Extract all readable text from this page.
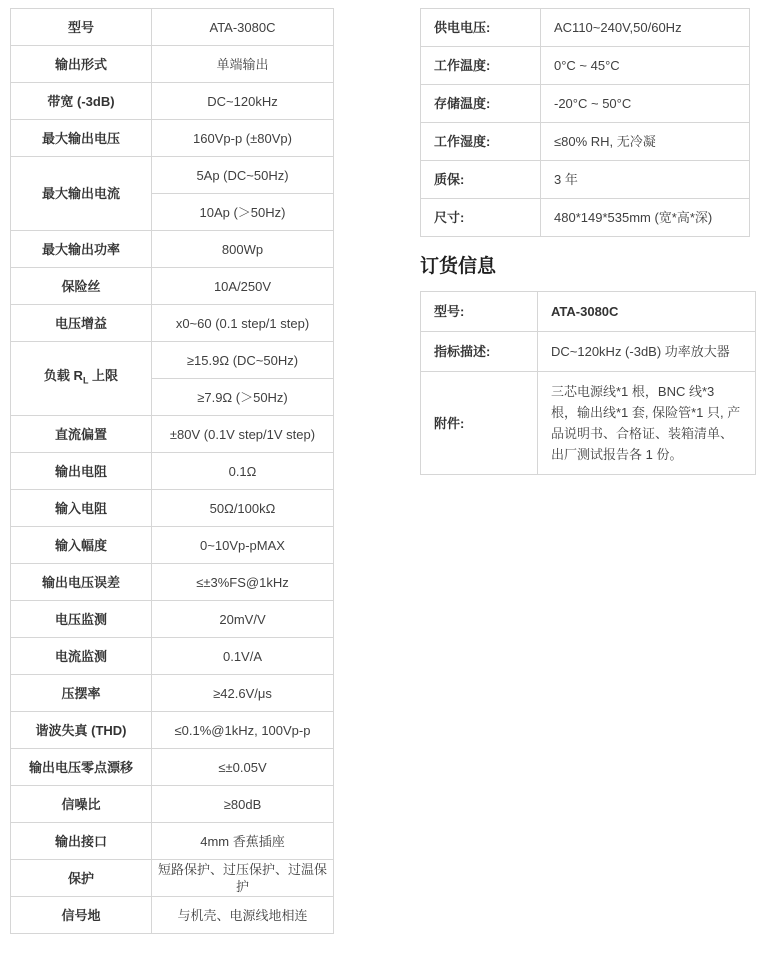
型号	ATA-3080C
输出形式	单端输出
带宽 (-3dB)	DC~120kHz
最大输出电压	160Vp-p (±80Vp)
最大输出电流	5Ap (DC~50Hz)
	10Ap (＞50Hz)
最大输出功率	800Wp
保险丝	10A/250V
电压增益	x0~60 (0.1 step/1 step)
负载 $R_L$ 上限	≥15.9Ω (DC~50Hz)
	≥7.9Ω (＞50Hz)
直流偏置	±80V (0.1V step/1V step)
输出电阻	0.1Ω
输入电阻	50Ω/100kΩ
输入幅度	0~10Vp-pMAX
输出电压误差	≤±3%FS@1kHz
电压监测	20mV/V
电流监测	0.1V/A
压摆率	≥42.6V/μs
谐波失真 (THD)	≤0.1%@1kHz, 100Vp-p
输出电压零点漂移	≤±0.05V
信噪比	≥80dB
输出接口	4mm 香蕉插座
保护	短路保护、过压保护、过温保护
信号地	与机壳、电源线地相连
供电电压:	AC110~240V,50/60Hz
工作温度:	0°C ~ 45°C
存储温度:	-20°C ~ 50°C
工作湿度:	≤80% RH, 无冷凝
质保:	3 年
尺寸:	480*149*535mm (宽*高*深)
订货信息
型号:	ATA-3080C
指标描述:	DC~120kHz (-3dB) 功率放大器
附件:	三芯电源线*1 根，BNC 线*3 根，输出线*1 套, 保险管*1 只, 产品说明书、合格证、装箱清单、出厂测试报告各 1 份。
